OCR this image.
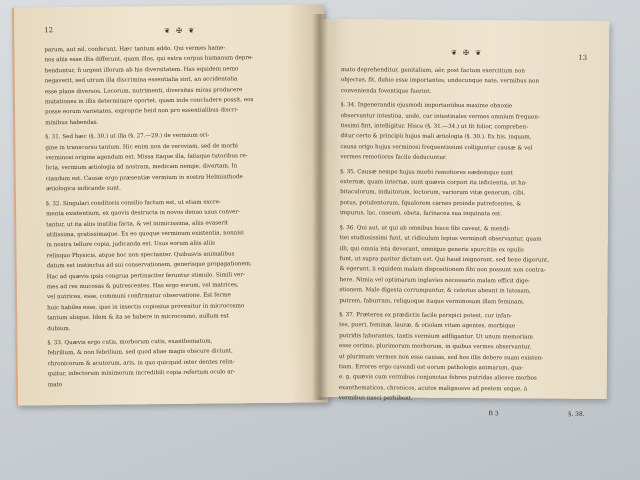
12	❦ ✠ ❦

parum, aut nil, conferunt. Hæc tantum addo. Qui vermes hame-

nos aliis esse illis differunt, quam illos, qui extra corpus humanum depre-

henduntur, fi urgent illorum ab his diversitatem. Has equidem nemo

negaverit, sed utrum illa discrimina essentialia sint, an accidentalia

esse plane diversos. Locorum, nutrimenti, diversitas miras producere

mutationes in illis determinare oportet, quam inde concludere possit, eos

posse eorum varietates, exproprie heid non pro essentialibus discri-

minibus habendas.

§. 31. Sed hæc (§. 30.) ut illa (§. 27.—29.) de vermium ori-

gine in transcursu tantum. Hic enim non de veroviam, sed de morbi

verminosi origine agendum est. Missa itaque illa, fatisque tutoribus re-

licta, vermium ætiologia ad nostram, medicam nempe, divertam. In

ciandum est. Causæ ergo præsentiæ vermium in nostra Helminthode

ætiologica indicande sunt.

§. 32. Singulari conditoris consilio factum est, ut etiam excre-

menta existentium, ex quovis destructa in novos denuo usus conver-

tantur, ut ita aliis inutilia facta, & vel inimicissima, aliis evaserit

utilissima, gratissimaque. Ex eo quoque verminum existentia, nonnisi

in nostra tellure copia, judicanda est. Usus eorum aliis aliis

relinquo Physicis, atque hoc non spectanter. Quibusvis animalibus

datum est instinctus ad sui conservationem, generisque propagationem.

Hac ad quævis ipsis congrua pertinaciter feruntur stimulo. Simili ver-

mes ad res mucosas & putrescentes. Has ergo eorum, vel matrices,

vel nutrices, esse, communi confirmatur observatione. Est ferme

huic habiles esse, ipse in insectis copiosius provenitur in microcosmo

tantum ubique. Idem & ita se habere in microcosmo, nullum est

dubium.

§. 33. Quævis ergo cutis, morborum cutis, exanthematum,

febrilium, & non febrilium, sed quod aliae magis obscure diciunt,

chronicorum & acutorum, aris, in quo quicquid inter dentes relin-

quitur, infectorum minimorum incredibili copia refertum oculo ar-

mato

❦ ✠ ❦
13

mato deprehenditur, genitalium, aër, post factum exercitium non

objectus, fit, dubio esse importantes, undecunque nate, vermibus non

convenienda foventique fuerint.

§. 34. Ingenerandis ejusmodi importantibus maxime obnoxie

observantur intestina, unde, cur intestinales vermes omnium frequen-

tissimi fint, intelligitur. Hisce (§. 31.—34.) ut fit folior, comprehen-

ditur certo & principii hujus mali ætiologia (§. 30.). Ex his, inquam,

causa origo hujus verminosi frequentissimi colliguntur causæ & vel

vermes remotiores facile deducuntur.

§. 35. Causæ nempe hujus morbi remotiores eædemque sunt

externæ, quam internæ, sunt quævis corpori ita inficientia, ut ha-

bitaculorum, induitorum, lectorum, variorum vitæ generum, cibi,

potus, potulentorum, fqualorem carnes proinde putrefcentes, &

impurus, lac, caseum, ebeta, farinacea sua inquinata est.

§. 36. Qui aut, ut qui ab omnibus hisce fibi caveat, & mendi-

tiei studiosissimi funt, ut ridiculum lepius verminofi observantur, quam

illi, qui omnia ista devorant, omnique generis spurcitiis ex opulis

funt, ut supra pariter dictum est. Qui haud inignorant, sed bene digerunt,

& egerunt, ii equidem malam dispositionem fibi non possunt non contra-

here. Nimia vel optimarum inglavies necessario malam efficit dige-

stionem. Male digesta corrumpuntur, & celerius abeunt in lutosam,

putrem, faburram, reliquoque itaque verminosam illam feminam.

§. 37. Præterea ex prædictis facile perspici potest, cur infan-

tes, pueri, feminæ, lauræ, & otiolam vitam agentes, morbique

putridis laborantes, tantis vermium adfligantur. Ut unum memoriam

esse cerimo, plurimorum morborum, in quibus vermes observantur,

ut plurimum vermes non esse causas, sed hos illis debere suam existen-

tiam. Errores ergo cavendi est eorum pathologis animarum, qua-

e. g. quævis cum vermibus conjunctas febres putridas aliosve morbos

exanthematicos, chronicos, acutos malignosve ad pestem usque, à

vermibus nasci perhibent.

B 3	§. 38.
